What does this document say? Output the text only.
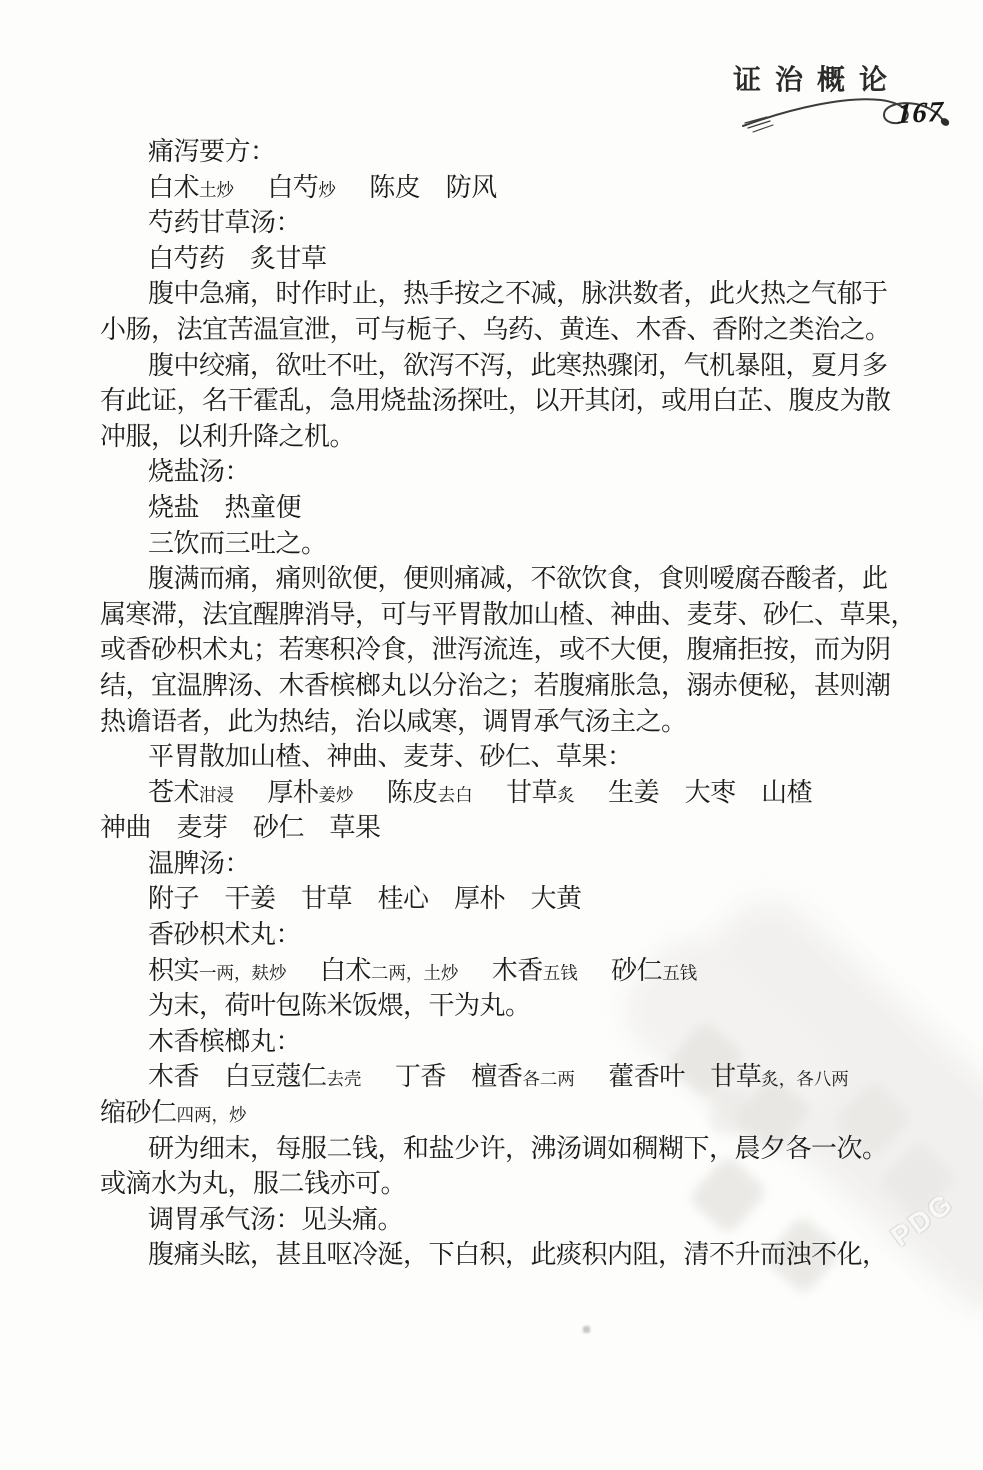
PDG
证治概论
167
痛泻要方：
白术土炒　白芍炒　陈皮　防风
芍药甘草汤：
白芍药　炙甘草
腹中急痛，时作时止，热手按之不减，脉洪数者，此火热之气郁于
小肠，法宜苦温宣泄，可与栀子、乌药、黄连、木香、香附之类治之。
腹中绞痛，欲吐不吐，欲泻不泻，此寒热骤闭，气机暴阻，夏月多
有此证，名干霍乱，急用烧盐汤探吐，以开其闭，或用白芷、腹皮为散
冲服，以利升降之机。
烧盐汤：
烧盐　热童便
三饮而三吐之。
腹满而痛，痛则欲便，便则痛减，不欲饮食，食则嗳腐吞酸者，此
属寒滞，法宜醒脾消导，可与平胃散加山楂、神曲、麦芽、砂仁、草果，
或香砂枳术丸；若寒积冷食，泄泻流连，或不大便，腹痛拒按，而为阴
结，宜温脾汤、木香槟榔丸以分治之；若腹痛胀急，溺赤便秘，甚则潮
热谵语者，此为热结，治以咸寒，调胃承气汤主之。
平胃散加山楂、神曲、麦芽、砂仁、草果：
苍术泔浸　厚朴姜炒　陈皮去白　甘草炙　生姜　大枣　山楂
神曲　麦芽　砂仁　草果
温脾汤：
附子　干姜　甘草　桂心　厚朴　大黄
香砂枳术丸：
枳实一两，麸炒　白术二两，土炒　木香五钱　砂仁五钱
为末，荷叶包陈米饭煨，干为丸。
木香槟榔丸：
木香　白豆蔻仁去壳　丁香　檀香各二两　藿香叶　甘草炙，各八两
缩砂仁四两，炒
研为细末，每服二钱，和盐少许，沸汤调如稠糊下，晨夕各一次。
或滴水为丸，服二钱亦可。
调胃承气汤：见头痛。
腹痛头眩，甚且呕冷涎，下白积，此痰积内阻，清不升而浊不化，
